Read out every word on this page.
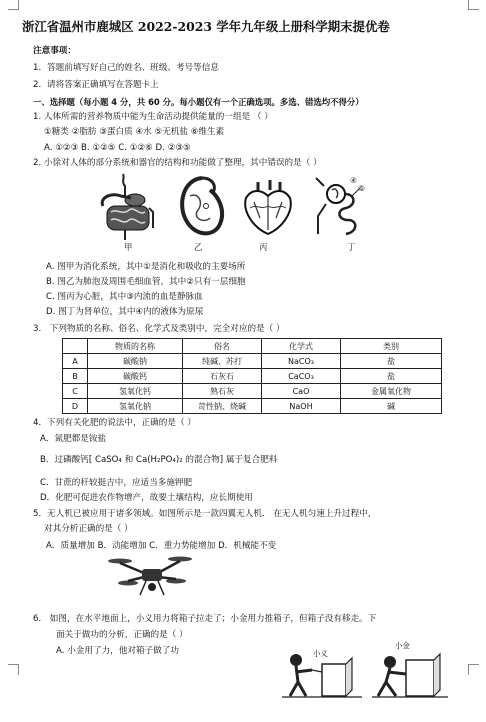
浙江省温州市鹿城区 2022-2023 学年九年级上册科学期末提优卷
注意事项：
1．答题前填写好自己的姓名、班级、考号等信息
2．请将答案正确填写在答题卡上
一、选择题（每小题 4 分，共 60 分。每小题仅有一个正确选项。多选、错选均不得分）
1. 人体所需的营养物质中能为生命活动提供能量的一组是 （ ）
①糖类 ②脂肪 ③蛋白质 ④水 ⑤无机盐 ⑥维生素
A. ①②③ B. ①②⑤ C. ①②⑥ D. ②③⑤
2. 小徐对人体的部分系统和器官的结构和功能做了整理，其中错误的是（ ）
甲	乙	丙
④
⑤
丁
A. 图甲为消化系统，其中①是消化和吸收的主要场所
B. 图乙为肺泡及周围毛细血管，其中②只有一层细胞
C. 图丙为心脏，其中③内流的血是静脉血
D. 图丁为肾单位，其中④内的液体为原尿
3． 下列物质的名称、俗名、化学式及类别中，完全对应的是（ ）
	物质的名称	俗名	化学式	类别
A	碳酸钠	纯碱、苏打	NaCO₃	盐
B	碳酸钙	石灰石	CaCO₃	盐
C	氢氧化钙	熟石灰	CaO	金属氧化物
D	氢氧化钠	苛性钠、烧碱	NaOH	碱
4．下列有关化肥的说法中，正确的是（ ）
A．氮肥都是铵盐
B．过磷酸钙[ CaSO₄ 和 Ca(H₂PO₄)₂ 的混合物] 属于复合肥料
C．甘蔗的秆较挺吉中，应适当多施钾肥
D．化肥可促进农作物增产，故要土壤结构，应长期使用
5．无人机已被应用于诸多领域。如图所示是一款四翼无人机． 在无人机匀速上升过程中，
对其分析正确的是（ ）
A．质量增加 B．动能增加 C．重力势能增加 D．机械能不变
6． 如图，在水平地面上，小义用力将箱子拉走了；小金用力推箱子，但箱子没有移走。下
面关于做功的分析，正确的是（ ）
A. 小金用了力，他对箱子做了功	小义
小金
